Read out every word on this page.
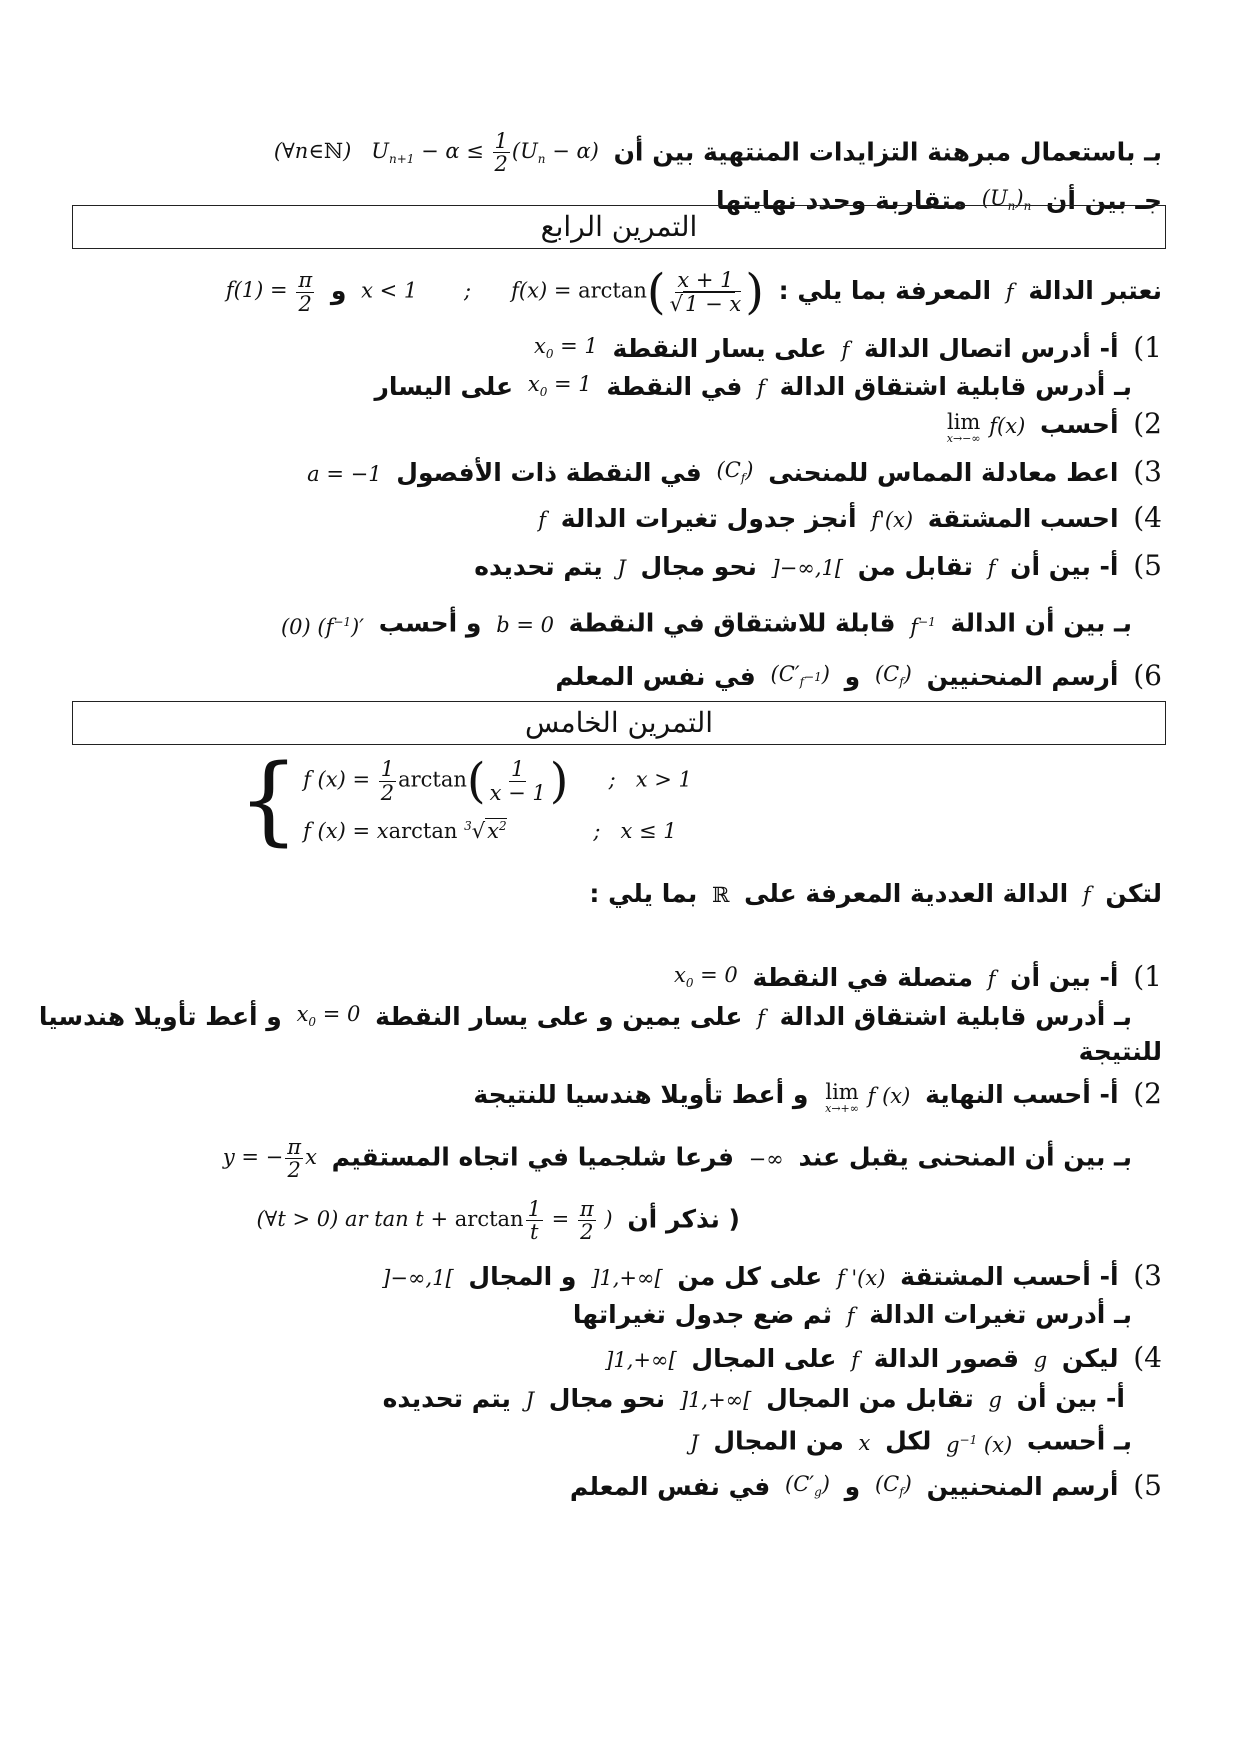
بـ باستعمال مبرهنة التزايدات المنتهية بين أن (∀n∈ℕ)   $U_{n+1} - \alpha \le \frac{1}{2} (U_n - \alpha)$
جـ بين أن $(U_n)_n$ متقاربة وحدد نهايتها
التمرين الرابع
نعتبر الدالة f المعرفة بما يلي : x < 1       ;      $f(x) = \arctan( \frac{x + 1}{√1 - x}$ ) و $f(1) = \frac{\pi}{2}$
1) أ- أدرس اتصال الدالة f على يسار النقطة $x_0 = 1$
بـ أدرس قابلية اشتقاق الدالة f في النقطة $x_0 = 1$ على اليسار
2) أحسب
lim
x→−∞ f(x)
3) اعط معادلة المماس للمنحنى $(C_f)$ في النقطة ذات الأفصول a = −1
4) احسب المشتقة f'(x) أنجز جدول تغيرات الدالة f
5) أ- بين أن f تقابل من ]−∞,1[ نحو مجال J يتم تحديده
بـ بين أن الدالة $f^{-1}$ قابلة للاشتقاق في النقطة b = 0 و أحسب (0) $(f^{-1})'$
6) أرسم المنحنيين $(C_f)$ و $(C'_{f^{-1}})$ في نفس المعلم
التمرين الخامس
لتكن f الدالة العددية المعرفة على ℝ بما يلي :
{ f $(x) = \frac{1}{2} \arctan( \frac{1}{x - 1}$ )      ;   x > 1
f (x) = xarctan $^3√x^2$             ;   x ≤ 1
1) أ- بين أن f متصلة في النقطة $x_0 = 0$
بـ أدرس قابلية اشتقاق الدالة f على يمين و على يسار النقطة $x_0 = 0$ و أعط تأويلا هندسيا
للنتيجة
2) أ- أحسب النهاية
lim
x→+∞ f (x) و أعط تأويلا هندسيا للنتيجة
بـ بين أن المنحنى يقبل عند −∞ فرعا شلجميا في اتجاه المستقيم y = − $\frac{\pi}{2}$ x
( نذكر أن (∀t > 0) ar $\tan t + \arctan \frac{1}{t} = \frac{\pi}{2}$ )
3) أ- أحسب المشتقة f '(x) على كل من ]1,+∞[ و المجال ]−∞,1[
بـ أدرس تغيرات الدالة f ثم ضع جدول تغيراتها
4) ليكن g قصور الدالة f على المجال ]1,+∞[
أ- بين أن g تقابل من المجال ]1,+∞[ نحو مجال J يتم تحديده
بـ أحسب $g^{-1}$ (x) لكل x من المجال J
5) أرسم المنحنيين $(C_f)$ و $(C'_g)$ في نفس المعلم
